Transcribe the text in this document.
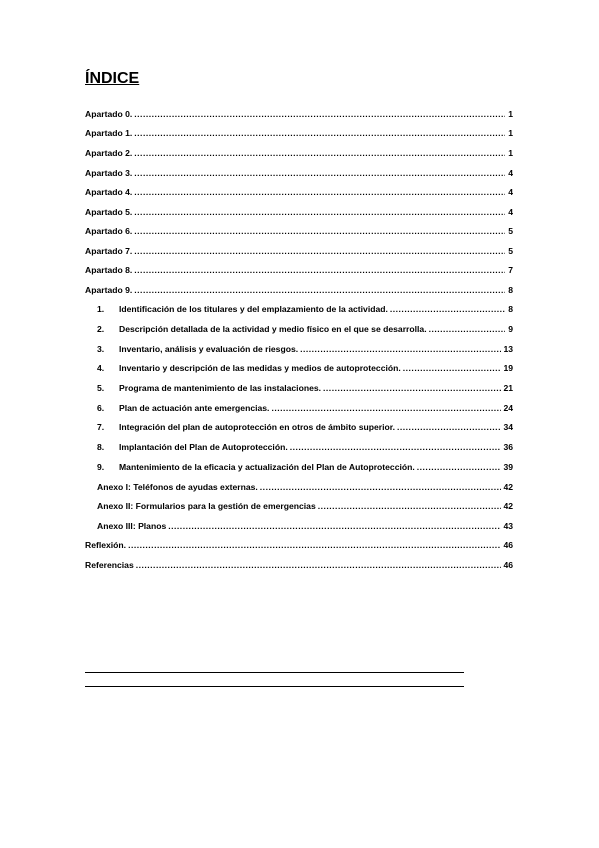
ÍNDICE
Apartado 0. .....	1
Apartado 1. .....	1
Apartado 2. .....	1
Apartado 3. .....	4
Apartado 4. .....	4
Apartado 5. .....	4
Apartado 6. .....	5
Apartado 7. .....	5
Apartado 8. .....	7
Apartado 9. .....	8
1.	Identificación de los titulares y del emplazamiento de la actividad. .....	8
2.	Descripción detallada de la actividad y medio físico en el que se desarrolla. .....	9
3.	Inventario, análisis y evaluación de riesgos. .....	13
4.	Inventario y descripción de las medidas y medios de autoprotección. .....	19
5.	Programa de mantenimiento de las instalaciones. .....	21
6.	Plan de actuación ante emergencias. .....	24
7.	Integración del plan de autoprotección en otros de ámbito superior. .....	34
8.	Implantación del Plan de Autoprotección. .....	36
9.	Mantenimiento de la eficacia y actualización del Plan de Autoprotección. .....	39
Anexo I: Teléfonos de ayudas externas. .....	42
Anexo II: Formularios para la gestión de emergencias .....	42
Anexo III: Planos .....	43
Reflexión. .....	46
Referencias .....	46
